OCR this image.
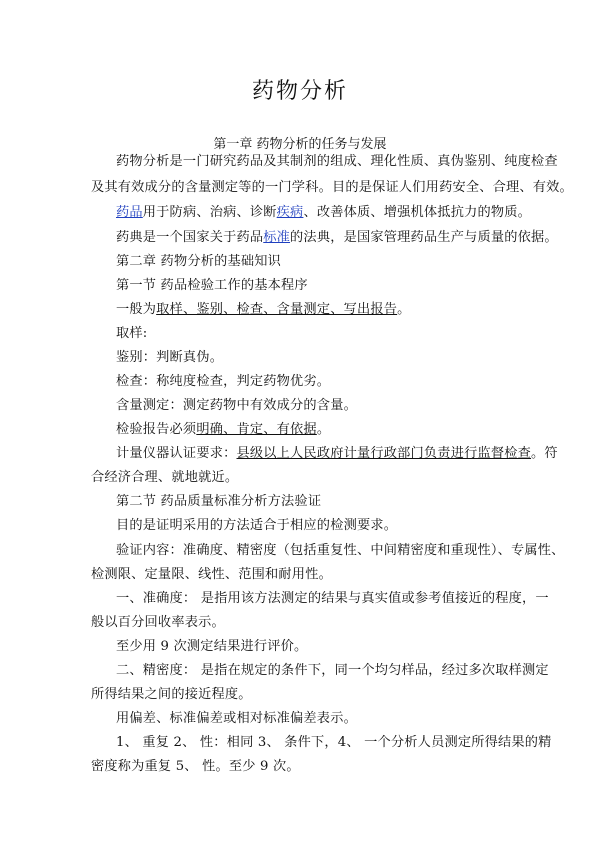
药物分析
第一章 药物分析的任务与发展
药物分析是一门研究药品及其制剂的组成、理化性质、真伪鉴别、纯度检查
及其有效成分的含量测定等的一门学科。目的是保证人们用药安全、合理、有效。
药品用于防病、治病、诊断疾病、改善体质、增强机体抵抗力的物质。
药典是一个国家关于药品标准的法典，是国家管理药品生产与质量的依据。
第二章 药物分析的基础知识
第一节 药品检验工作的基本程序
一般为取样、鉴别、检查、含量测定、写出报告。
取样:
鉴别：判断真伪。
检查：称纯度检查，判定药物优劣。
含量测定：测定药物中有效成分的含量。
检验报告必须明确、肯定、有依据。
计量仪器认证要求：县级以上人民政府计量行政部门负责进行监督检查。符
合经济合理、就地就近。
第二节 药品质量标准分析方法验证
目的是证明采用的方法适合于相应的检测要求。
验证内容：准确度、精密度（包括重复性、中间精密度和重现性）、专属性、
检测限、定量限、线性、范围和耐用性。
一、准确度： 是指用该方法测定的结果与真实值或参考值接近的程度，一
般以百分回收率表示。
至少用 9 次测定结果进行评价。
二、精密度： 是指在规定的条件下，同一个均匀样品，经过多次取样测定
所得结果之间的接近程度。
用偏差、标准偏差或相对标准偏差表示。
1、 重复 2、 性：相同 3、 条件下，4、 一个分析人员测定所得结果的精
密度称为重复 5、 性。至少 9 次。
